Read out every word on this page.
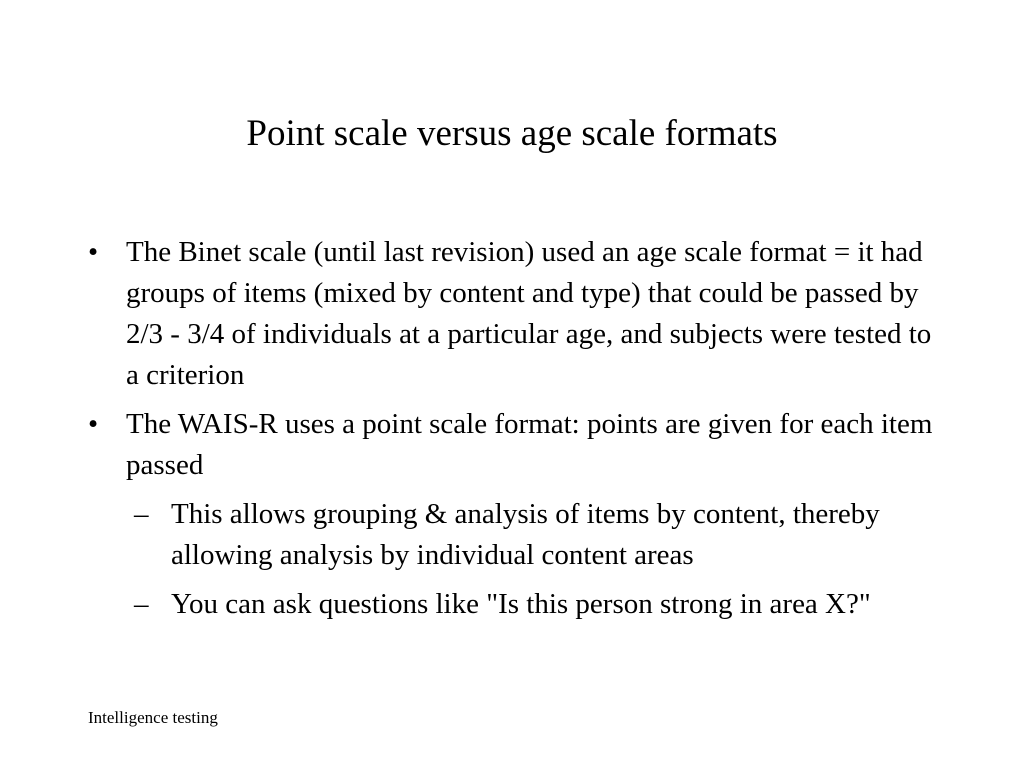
Point scale versus age scale formats
• The Binet scale (until last revision) used an age scale format = it had groups of items (mixed by content and type) that could be passed by 2/3 - 3/4 of individuals at a particular age, and subjects were tested to a criterion
• The WAIS-R uses a point scale format: points are given for each item passed
– This allows grouping & analysis of items by content, thereby allowing analysis by individual content areas
– You can ask questions like "Is this person strong in area X?"
Intelligence testing
